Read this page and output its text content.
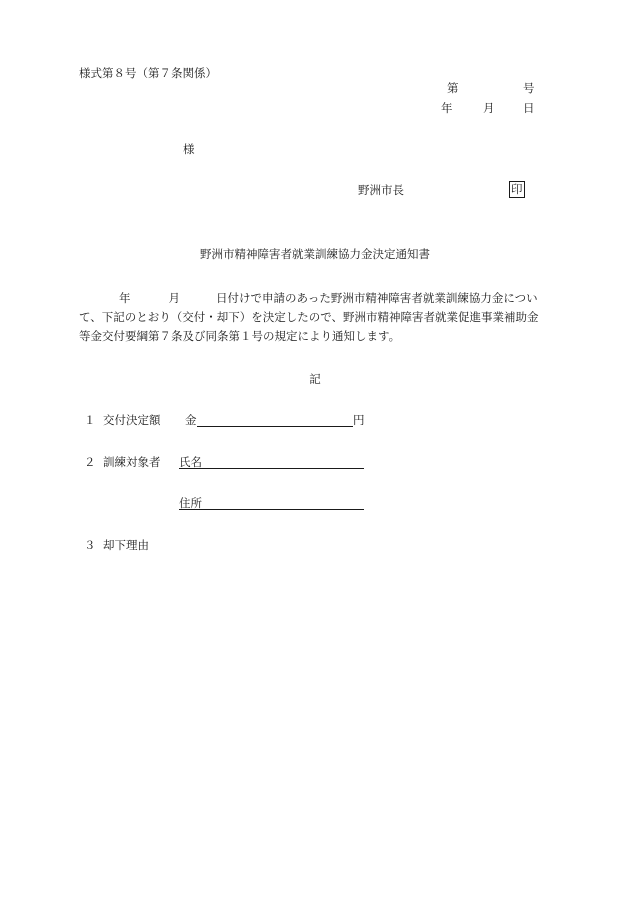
様式第８号（第７条関係）
第	号
年	月 日
様
野洲市長	印
野洲市精神障害者就業訓練協力金決定通知書
年	月	日付けで申請のあった野洲市精神障害者就業訓練協力金につい
て、下記のとおり（交付・却下）を決定したので、野洲市精神障害者就業促進事業補助金
等金交付要綱第７条及び同条第１号の規定により通知します。
記
１ 交付決定額 金	円
２ 訓練対象者 氏名
住所
３ 却下理由
